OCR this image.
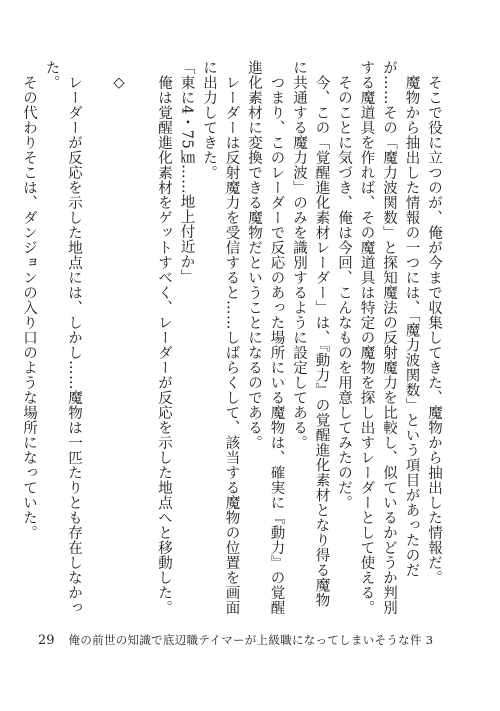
そこで役に立つのが、俺が今まで収集してきた、魔物から抽出した情報だ。

魔物から抽出した情報の一つには、「魔力波関数」という項目があったのだが……その「魔力波関数」と探知魔法の反射魔力を比較し、似ているかどうか判別する魔道具を作れば、その魔道具は特定の魔物を探し出すレーダーとして使える。

そのことに気づき、俺は今回、こんなものを用意してみたのだ。

今、この「覚醒進化素材レーダー」は、『動力』の覚醒進化素材となり得る魔物に共通する魔力波」のみを識別するように設定してある。

つまり、このレーダーで反応のあった場所にいる魔物は、確実に『動力』の覚醒進化素材に変換できる魔物だということになるのである。

レーダーは反射魔力を受信すると……しばらくして、該当する魔物の位置を画面に出力してきた。

「東に4・75㎞……地上付近か」

俺は覚醒進化素材をゲットすべく、レーダーが反応を示した地点へと移動した。

◇

レーダーが反応を示した地点には、しかし……魔物は一匹たりとも存在しなかった。

その代わりそこは、ダンジョンの入り口のような場所になっていた。

29 俺の前世の知識で底辺職テイマーが上級職になってしまいそうな件 3
